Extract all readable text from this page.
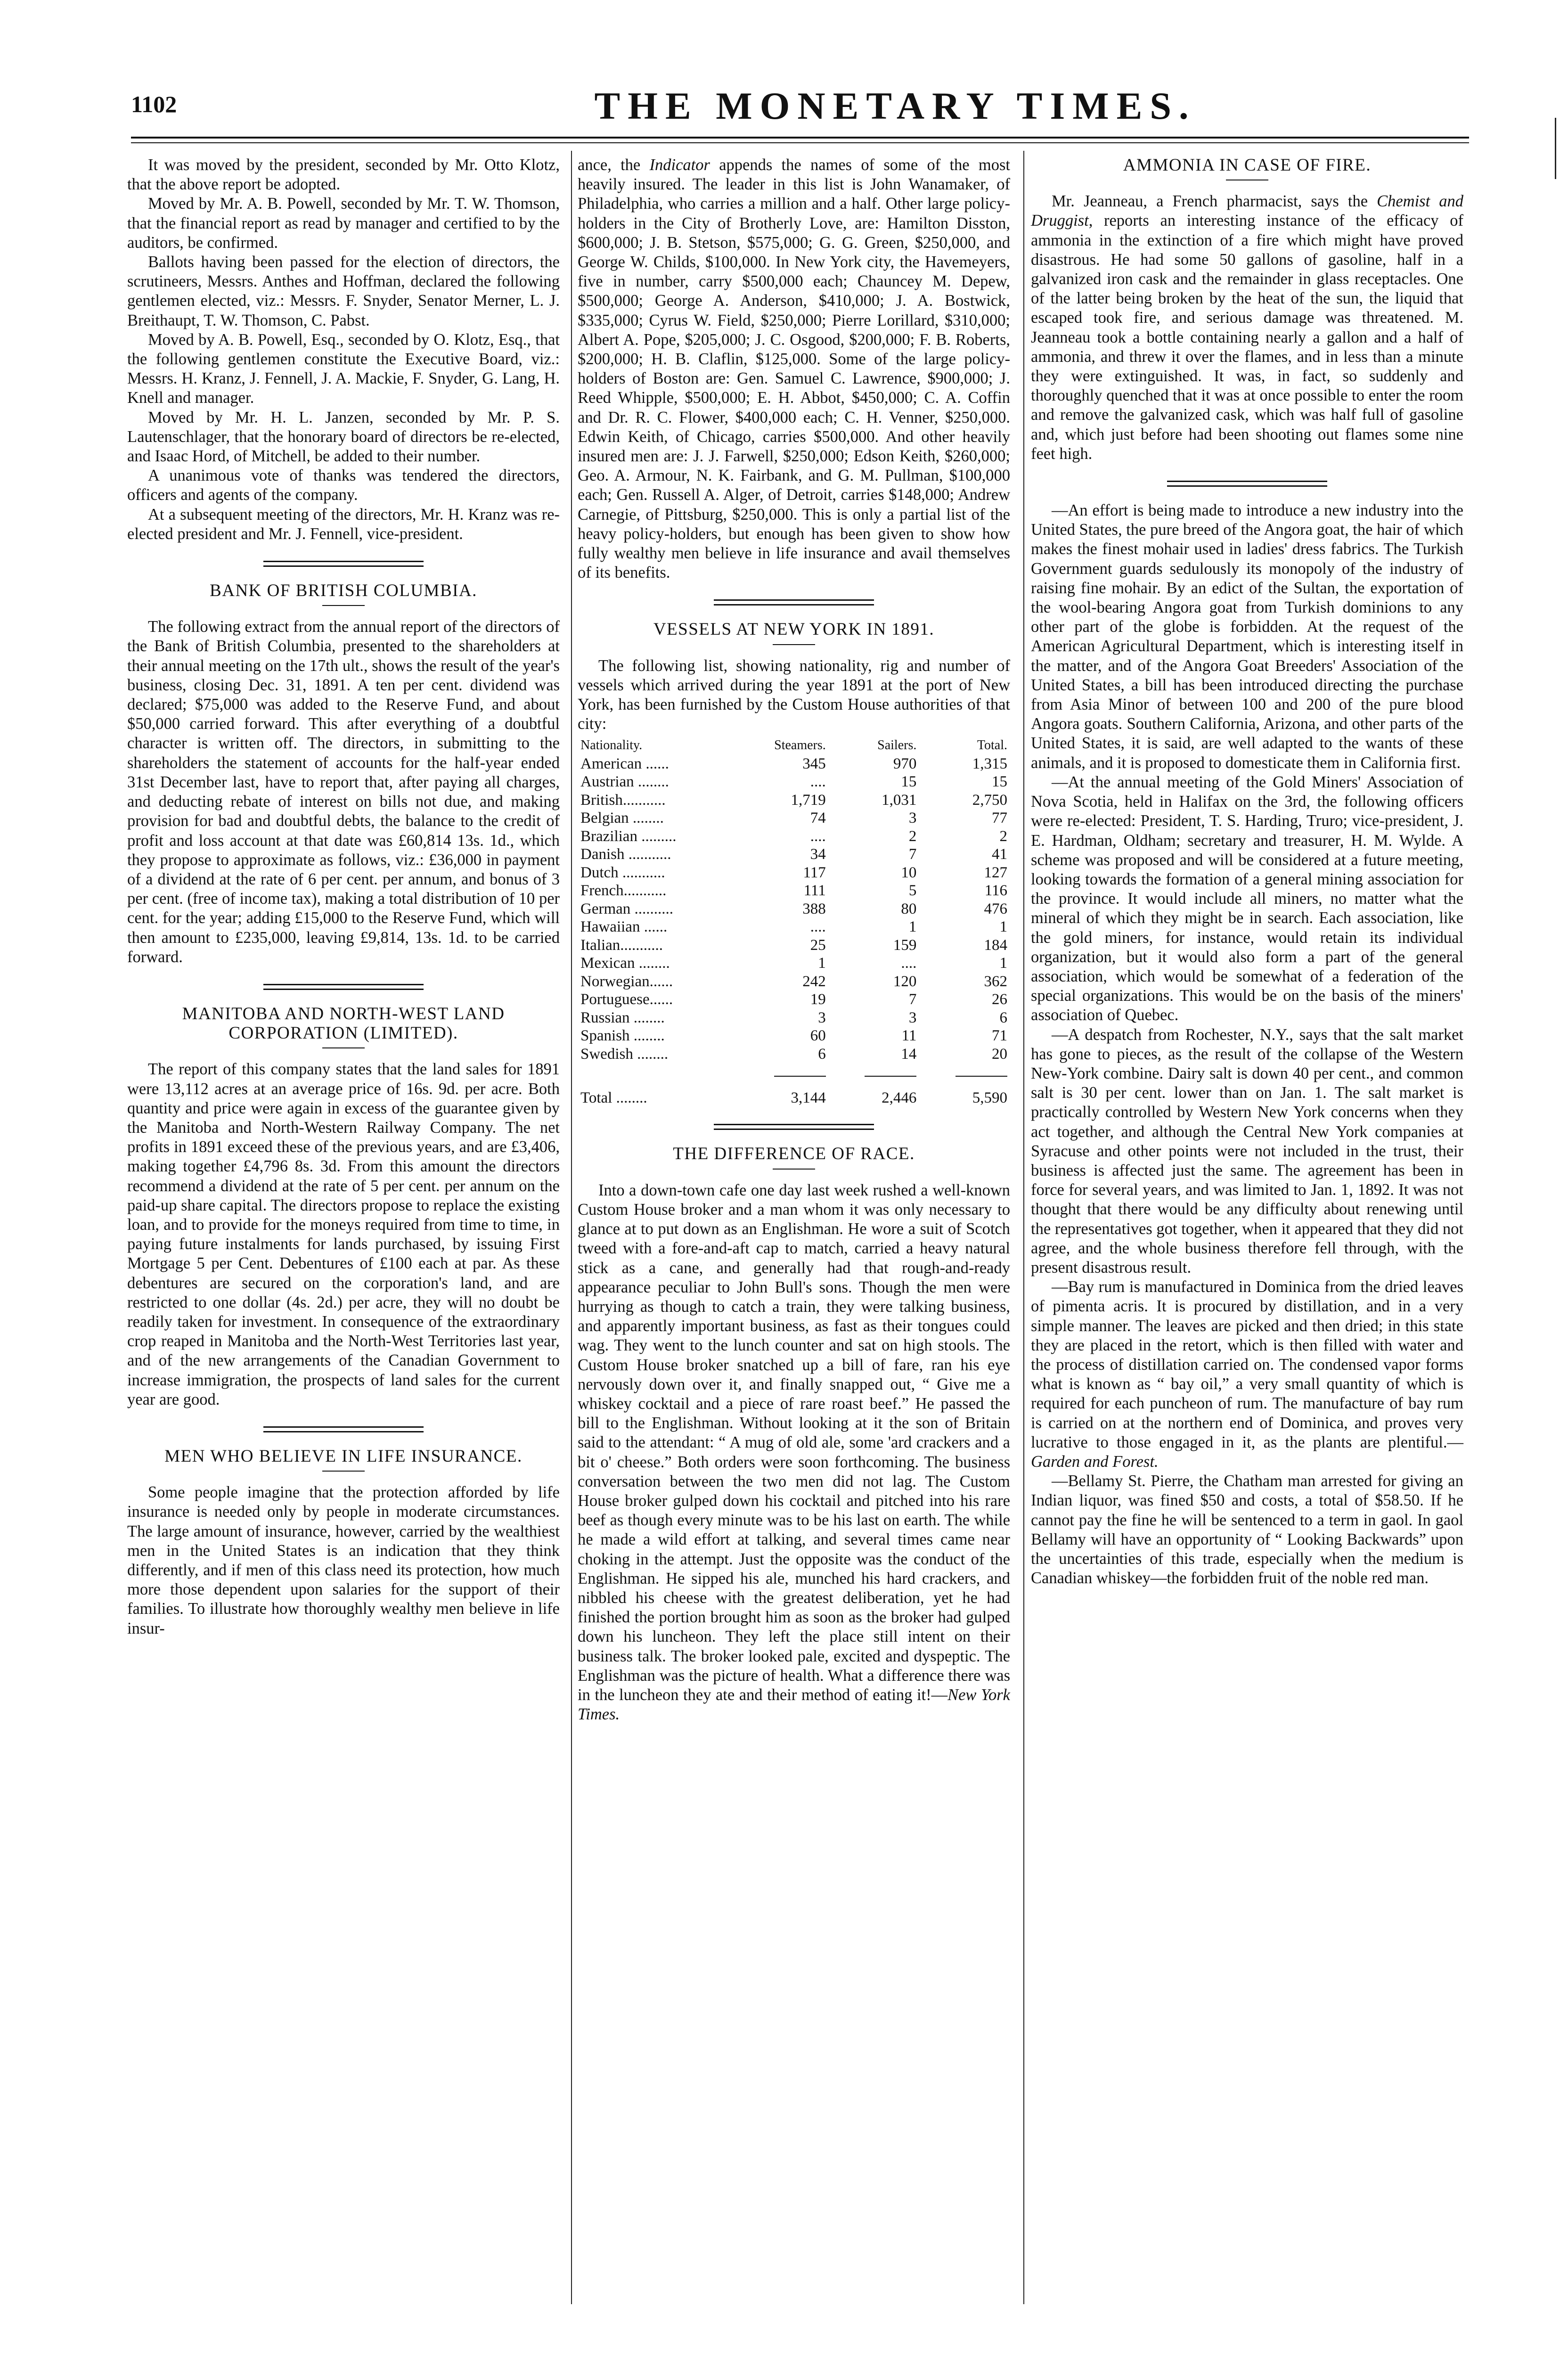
1102	THE MONETARY TIMES.

It was moved by the president, seconded by Mr. Otto Klotz, that the above report be adopted.

Moved by Mr. A. B. Powell, seconded by Mr. T. W. Thomson, that the financial report as read by manager and certified to by the auditors, be confirmed.

Ballots having been passed for the election of directors, the scrutineers, Messrs. Anthes and Hoffman, declared the following gentlemen elected, viz.: Messrs. F. Snyder, Senator Merner, L. J. Breithaupt, T. W. Thomson, C. Pabst.

Moved by A. B. Powell, Esq., seconded by O. Klotz, Esq., that the following gentlemen constitute the Executive Board, viz.: Messrs. H. Kranz, J. Fennell, J. A. Mackie, F. Snyder, G. Lang, H. Knell and manager.

Moved by Mr. H. L. Janzen, seconded by Mr. P. S. Lautenschlager, that the honorary board of directors be re-elected, and Isaac Hord, of Mitchell, be added to their number.

A unanimous vote of thanks was tendered the directors, officers and agents of the company.

At a subsequent meeting of the directors, Mr. H. Kranz was re-elected president and Mr. J. Fennell, vice-president.

BANK OF BRITISH COLUMBIA.

The following extract from the annual report of the directors of the Bank of British Columbia, presented to the shareholders at their annual meeting on the 17th ult., shows the result of the year's business, closing Dec. 31, 1891. A ten per cent. dividend was declared; $75,000 was added to the Reserve Fund, and about $50,000 carried forward. This after everything of a doubtful character is written off. The directors, in submitting to the shareholders the statement of accounts for the half-year ended 31st December last, have to report that, after paying all charges, and deducting rebate of interest on bills not due, and making provision for bad and doubtful debts, the balance to the credit of profit and loss account at that date was £60,814 13s. 1d., which they propose to approximate as follows, viz.: £36,000 in payment of a dividend at the rate of 6 per cent. per annum, and bonus of 3 per cent. (free of income tax), making a total distribution of 10 per cent. for the year; adding £15,000 to the Reserve Fund, which will then amount to £235,000, leaving £9,814, 13s. 1d. to be carried forward.

MANITOBA AND NORTH-WEST LAND CORPORATION (LIMITED).

The report of this company states that the land sales for 1891 were 13,112 acres at an average price of 16s. 9d. per acre. Both quantity and price were again in excess of the guarantee given by the Manitoba and North-Western Railway Company. The net profits in 1891 exceed these of the previous years, and are £3,406, making together £4,796 8s. 3d. From this amount the directors recommend a dividend at the rate of 5 per cent. per annum on the paid-up share capital. The directors propose to replace the existing loan, and to provide for the moneys required from time to time, in paying future instalments for lands purchased, by issuing First Mortgage 5 per Cent. Debentures of £100 each at par. As these debentures are secured on the corporation's land, and are restricted to one dollar (4s. 2d.) per acre, they will no doubt be readily taken for investment. In consequence of the extraordinary crop reaped in Manitoba and the North-West Territories last year, and of the new arrangements of the Canadian Government to increase immigration, the prospects of land sales for the current year are good.

MEN WHO BELIEVE IN LIFE INSURANCE.

Some people imagine that the protection afforded by life insurance is needed only by people in moderate circumstances. The large amount of insurance, however, carried by the wealthiest men in the United States is an indication that they think differently, and if men of this class need its protection, how much more those dependent upon salaries for the support of their families. To illustrate how thoroughly wealthy men believe in life insur-

ance, the Indicator appends the names of some of the most heavily insured. The leader in this list is John Wanamaker, of Philadelphia, who carries a million and a half. Other large policy-holders in the City of Brotherly Love, are: Hamilton Disston, $600,000; J. B. Stetson, $575,000; G. G. Green, $250,000, and George W. Childs, $100,000. In New York city, the Havemeyers, five in number, carry $500,000 each; Chauncey M. Depew, $500,000; George A. Anderson, $410,000; J. A. Bostwick, $335,000; Cyrus W. Field, $250,000; Pierre Lorillard, $310,000; Albert A. Pope, $205,000; J. C. Osgood, $200,000; F. B. Roberts, $200,000; H. B. Claflin, $125,000. Some of the large policy-holders of Boston are: Gen. Samuel C. Lawrence, $900,000; J. Reed Whipple, $500,000; E. H. Abbot, $450,000; C. A. Coffin and Dr. R. C. Flower, $400,000 each; C. H. Venner, $250,000. Edwin Keith, of Chicago, carries $500,000. And other heavily insured men are: J. J. Farwell, $250,000; Edson Keith, $260,000; Geo. A. Armour, N. K. Fairbank, and G. M. Pullman, $100,000 each; Gen. Russell A. Alger, of Detroit, carries $148,000; Andrew Carnegie, of Pittsburg, $250,000. This is only a partial list of the heavy policy-holders, but enough has been given to show how fully wealthy men believe in life insurance and avail themselves of its benefits.

VESSELS AT NEW YORK IN 1891.

The following list, showing nationality, rig and number of vessels which arrived during the year 1891 at the port of New York, has been furnished by the Custom House authorities of that city:

Nationality.	Steamers.	Sailers.	Total.
American ......	345	970	1,315
Austrian ........	....	15	15
British...........	1,719	1,031	2,750
Belgian ........	74	3	77
Brazilian .........	....	2	2
Danish ...........	34	7	41
Dutch ...........	117	10	127
French...........	111	5	116
German ..........	388	80	476
Hawaiian ......	....	1	1
Italian...........	25	159	184
Mexican ........	1	....	1
Norwegian......	242	120	362
Portuguese......	19	7	26
Russian ........	3	3	6
Spanish ........	60	11	71
Swedish ........	6	14	20

Total ........	3,144	2,446	5,590
THE DIFFERENCE OF RACE.

Into a down-town cafe one day last week rushed a well-known Custom House broker and a man whom it was only necessary to glance at to put down as an Englishman. He wore a suit of Scotch tweed with a fore-and-aft cap to match, carried a heavy natural stick as a cane, and generally had that rough-and-ready appearance peculiar to John Bull's sons. Though the men were hurrying as though to catch a train, they were talking business, and apparently important business, as fast as their tongues could wag. They went to the lunch counter and sat on high stools. The Custom House broker snatched up a bill of fare, ran his eye nervously down over it, and finally snapped out, “ Give me a whiskey cocktail and a piece of rare roast beef.” He passed the bill to the Englishman. Without looking at it the son of Britain said to the attendant: “ A mug of old ale, some 'ard crackers and a bit o' cheese.” Both orders were soon forthcoming. The business conversation between the two men did not lag. The Custom House broker gulped down his cocktail and pitched into his rare beef as though every minute was to be his last on earth. The while he made a wild effort at talking, and several times came near choking in the attempt. Just the opposite was the conduct of the Englishman. He sipped his ale, munched his hard crackers, and nibbled his cheese with the greatest deliberation, yet he had finished the portion brought him as soon as the broker had gulped down his luncheon. They left the place still intent on their business talk. The broker looked pale, excited and dyspeptic. The Englishman was the picture of health. What a difference there was in the luncheon they ate and their method of eating it!—New York Times.

AMMONIA IN CASE OF FIRE.

Mr. Jeanneau, a French pharmacist, says the Chemist and Druggist, reports an interesting instance of the efficacy of ammonia in the extinction of a fire which might have proved disastrous. He had some 50 gallons of gasoline, half in a galvanized iron cask and the remainder in glass receptacles. One of the latter being broken by the heat of the sun, the liquid that escaped took fire, and serious damage was threatened. M. Jeanneau took a bottle containing nearly a gallon and a half of ammonia, and threw it over the flames, and in less than a minute they were extinguished. It was, in fact, so suddenly and thoroughly quenched that it was at once possible to enter the room and remove the galvanized cask, which was half full of gasoline and, which just before had been shooting out flames some nine feet high.

—An effort is being made to introduce a new industry into the United States, the pure breed of the Angora goat, the hair of which makes the finest mohair used in ladies' dress fabrics. The Turkish Government guards sedulously its monopoly of the industry of raising fine mohair. By an edict of the Sultan, the exportation of the wool-bearing Angora goat from Turkish dominions to any other part of the globe is forbidden. At the request of the American Agricultural Department, which is interesting itself in the matter, and of the Angora Goat Breeders' Association of the United States, a bill has been introduced directing the purchase from Asia Minor of between 100 and 200 of the pure blood Angora goats. Southern California, Arizona, and other parts of the United States, it is said, are well adapted to the wants of these animals, and it is proposed to domesticate them in California first.

—At the annual meeting of the Gold Miners' Association of Nova Scotia, held in Halifax on the 3rd, the following officers were re-elected: President, T. S. Harding, Truro; vice-president, J. E. Hardman, Oldham; secretary and treasurer, H. M. Wylde. A scheme was proposed and will be considered at a future meeting, looking towards the formation of a general mining association for the province. It would include all miners, no matter what the mineral of which they might be in search. Each association, like the gold miners, for instance, would retain its individual organization, but it would also form a part of the general association, which would be somewhat of a federation of the special organizations. This would be on the basis of the miners' association of Quebec.

—A despatch from Rochester, N.Y., says that the salt market has gone to pieces, as the result of the collapse of the Western New-York combine. Dairy salt is down 40 per cent., and common salt is 30 per cent. lower than on Jan. 1. The salt market is practically controlled by Western New York concerns when they act together, and although the Central New York companies at Syracuse and other points were not included in the trust, their business is affected just the same. The agreement has been in force for several years, and was limited to Jan. 1, 1892. It was not thought that there would be any difficulty about renewing until the representatives got together, when it appeared that they did not agree, and the whole business therefore fell through, with the present disastrous result.

—Bay rum is manufactured in Dominica from the dried leaves of pimenta acris. It is procured by distillation, and in a very simple manner. The leaves are picked and then dried; in this state they are placed in the retort, which is then filled with water and the process of distillation carried on. The condensed vapor forms what is known as “ bay oil,” a very small quantity of which is required for each puncheon of rum. The manufacture of bay rum is carried on at the northern end of Dominica, and proves very lucrative to those engaged in it, as the plants are plentiful.—Garden and Forest.

—Bellamy St. Pierre, the Chatham man arrested for giving an Indian liquor, was fined $50 and costs, a total of $58.50. If he cannot pay the fine he will be sentenced to a term in gaol. In gaol Bellamy will have an opportunity of “ Looking Backwards” upon the uncertainties of this trade, especially when the medium is Canadian whiskey—the forbidden fruit of the noble red man.
